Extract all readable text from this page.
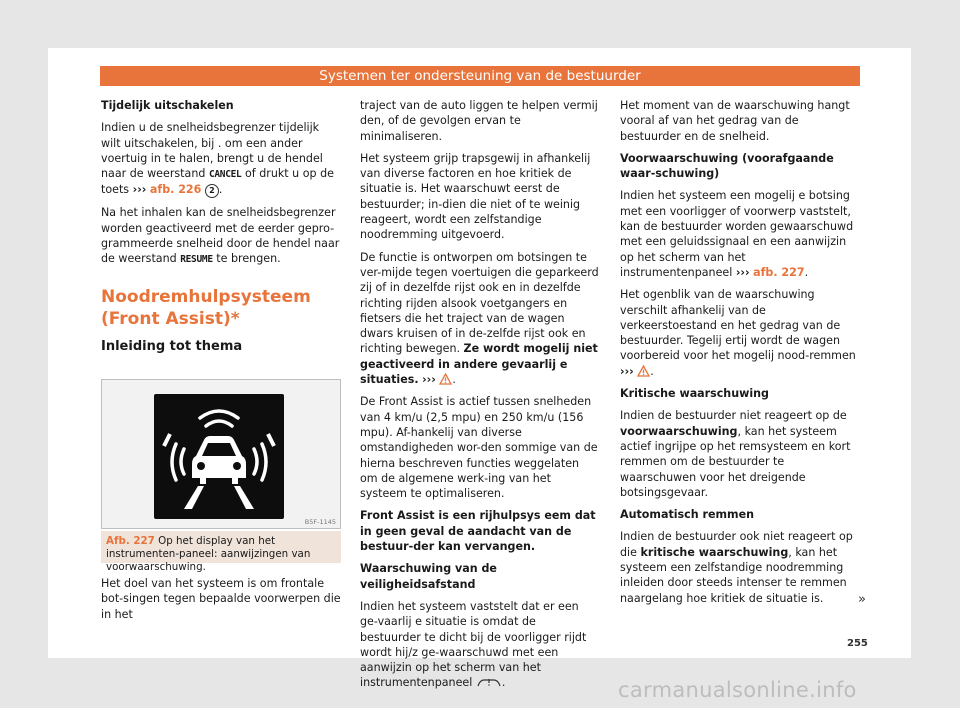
Systemen ter ondersteuning van de bestuurder

Tijdelijk uitschakelen

Indien u de snelheidsbegrenzer tijdelijk wilt uitschakelen, bij . om een ander voertuig in te halen, brengt u de hendel naar de weerstand CANCEL of drukt u op de toets ››› afb. 226 2 .

Na het inhalen kan de snelheidsbegrenzer worden geactiveerd met de eerder gepro-grammeerde snelheid door de hendel naar de weerstand RESUME te brengen.

Noodremhulpsysteem (Front Assist)*
Inleiding tot thema
B5F-1145
Afb. 227 Op het display van het instrumenten-paneel: aanwijzingen van voorwaarschuwing.
Het doel van het systeem is om frontale bot-singen tegen bepaalde voorwerpen die in het

traject van de auto liggen te helpen vermij den, of de gevolgen ervan te minimaliseren.

Het systeem grijp trapsgewij in afhankelij van diverse factoren en hoe kritiek de situatie is. Het waarschuwt eerst de bestuurder; in-dien die niet of te weinig reageert, wordt een zelfstandige noodremming uitgevoerd.

De functie is ontworpen om botsingen te ver-mijde tegen voertuigen die geparkeerd zij of in dezelfde rijst ook en in dezelfde richting rijden alsook voetgangers en fietsers die het traject van de wagen dwars kruisen of in de-zelfde rijst ook en richting bewegen. Ze wordt mogelij niet geactiveerd in andere gevaarlij e situaties. ››› .

De Front Assist is actief tussen snelheden van 4 km/u (2,5 mpu) en 250 km/u (156 mpu). Af-hankelij van diverse omstandigheden wor-den sommige van de hierna beschreven functies weggelaten om de algemene werk-ing van het systeem te optimaliseren.

Front Assist is een rijhulpsys eem dat in geen geval de aandacht van de bestuur-der kan vervangen.

Waarschuwing van de veiligheidsafstand

Indien het systeem vaststelt dat er een ge-vaarlij e situatie is omdat de bestuurder te dicht bij de voorligger rijdt wordt hij/z ge-waarschuwd met een aanwijzin op het scherm van het instrumentenpaneel	.

Het moment van de waarschuwing hangt vooral af van het gedrag van de bestuurder en de snelheid.

Voorwaarschuwing (voorafgaande waar-schuwing)

Indien het systeem een mogelij e botsing met een voorligger of voorwerp vaststelt, kan de bestuurder worden gewaarschuwd met een geluidssignaal en een aanwijzin op het scherm van het instrumentenpaneel ››› afb. 227.

Het ogenblik van de waarschuwing verschilt afhankelij van de verkeerstoestand en het gedrag van de bestuurder. Tegelij ertij wordt de wagen voorbereid voor het mogelij nood-remmen ››› .

Kritische waarschuwing

Indien de bestuurder niet reageert op de voorwaarschuwing, kan het systeem actief ingrijpe op het remsysteem en kort remmen om de bestuurder te waarschuwen voor het dreigende botsingsgevaar.

Automatisch remmen

Indien de bestuurder ook niet reageert op die kritische waarschuwing, kan het systeem een zelfstandige noodremming inleiden door steeds intenser te remmen naargelang hoe kritiek de situatie is.	»
255
carmanualsonline.info
